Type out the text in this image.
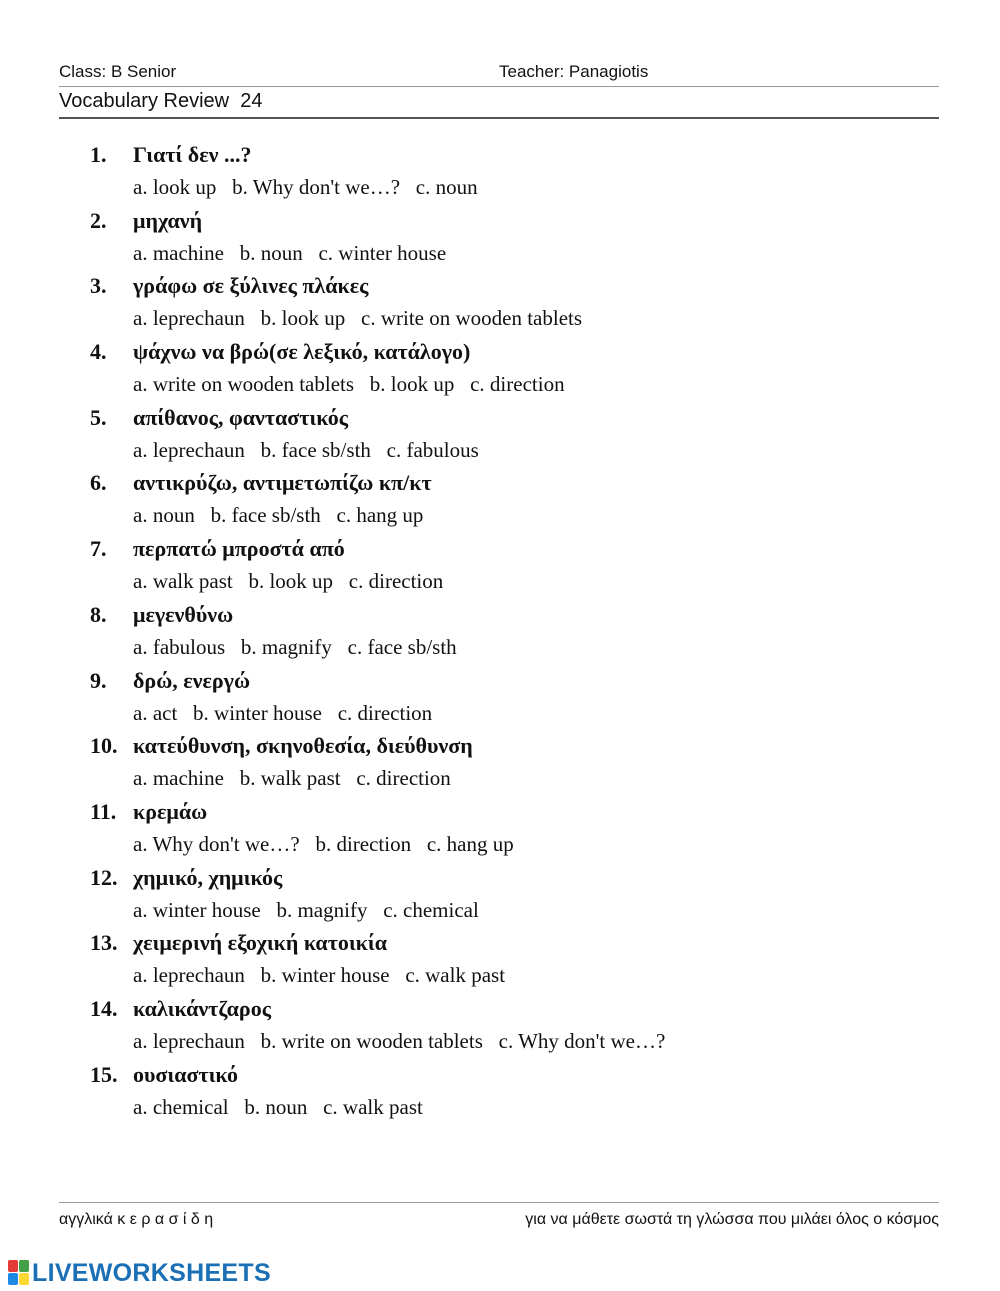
Class: B Senior	Teacher: Panagiotis
Vocabulary Review  24
1. Γιατί δεν ...?
a. look up   b. Why don't we…?   c. noun
2. μηχανή
a. machine   b. noun   c. winter house
3. γράφω σε ξύλινες πλάκες
a. leprechaun   b. look up   c. write on wooden tablets
4. ψάχνω να βρώ(σε λεξικό, κατάλογο)
a. write on wooden tablets   b. look up   c. direction
5. απίθανος, φανταστικός
a. leprechaun   b. face sb/sth   c. fabulous
6. αντικρύζω, αντιμετωπίζω κπ/κτ
a. noun   b. face sb/sth   c. hang up
7. περπατώ μπροστά από
a. walk past   b. look up   c. direction
8. μεγενθύνω
a. fabulous   b. magnify   c. face sb/sth
9. δρώ, ενεργώ
a. act   b. winter house   c. direction
10. κατεύθυνση, σκηνοθεσία, διεύθυνση
a. machine   b. walk past   c. direction
11. κρεμάω
a. Why don't we…?   b. direction   c. hang up
12. χημικό, χημικός
a. winter house   b. magnify   c. chemical
13. χειμερινή εξοχική κατοικία
a. leprechaun   b. winter house   c. walk past
14. καλικάντζαρος
a. leprechaun   b. write on wooden tablets   c. Why don't we…?
15. ουσιαστικό
a. chemical   b. noun   c. walk past
αγγλικά κ ε ρ α σ ί δ η	για να μάθετε σωστά τη γλώσσα που μιλάει όλος ο κόσμος
LIVEWORKSHEETS
